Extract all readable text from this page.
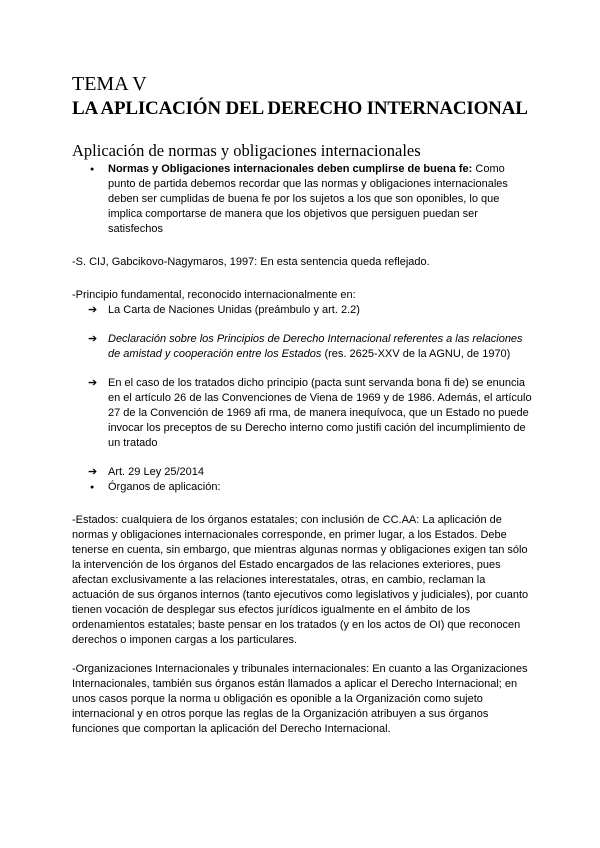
TEMA V
LA APLICACIÓN DEL DERECHO INTERNACIONAL
Aplicación de normas y obligaciones internacionales
● Normas y Obligaciones internacionales deben cumplirse de buena fe: Como punto de partida debemos recordar que las normas y obligaciones internacionales deben ser cumplidas de buena fe por los sujetos a los que son oponibles, lo que implica comportarse de manera que los objetivos que persiguen puedan ser satisfechos

-S. CIJ, Gabcikovo-Nagymaros, 1997: En esta sentencia queda reflejado.

-Principio fundamental, reconocido internacionalmente en:

➔ La Carta de Naciones Unidas (preámbulo y art. 2.2)
➔ Declaración sobre los Principios de Derecho Internacional referentes a las relaciones de amistad y cooperación entre los Estados (res. 2625-XXV de la AGNU, de 1970)
➔ En el caso de los tratados dicho principio (pacta sunt servanda bona fi de) se enuncia en el artículo 26 de las Convenciones de Viena de 1969 y de 1986. Además, el artículo 27 de la Convención de 1969 afi rma, de manera inequívoca, que un Estado no puede invocar los preceptos de su Derecho interno como justifi cación del incumplimiento de un tratado
➔ Art. 29 Ley 25/2014
● Órganos de aplicación:

-Estados: cualquiera de los órganos estatales; con inclusión de CC.AA: La aplicación de normas y obligaciones internacionales corresponde, en primer lugar, a los Estados. Debe tenerse en cuenta, sin embargo, que mientras algunas normas y obligaciones exigen tan sólo la intervención de los órganos del Estado encargados de las relaciones exteriores, pues afectan exclusivamente a las relaciones interestatales, otras, en cambio, reclaman la actuación de sus órganos internos (tanto ejecutivos como legislativos y judiciales), por cuanto tienen vocación de desplegar sus efectos jurídicos igualmente en el ámbito de los ordenamientos estatales; baste pensar en los tratados (y en los actos de OI) que reconocen derechos o imponen cargas a los particulares.

-Organizaciones Internacionales y tribunales internacionales: En cuanto a las Organizaciones Internacionales, también sus órganos están llamados a aplicar el Derecho Internacional; en unos casos porque la norma u obligación es oponible a la Organización como sujeto internacional y en otros porque las reglas de la Organización atribuyen a sus órganos funciones que comportan la aplicación del Derecho Internacional.
